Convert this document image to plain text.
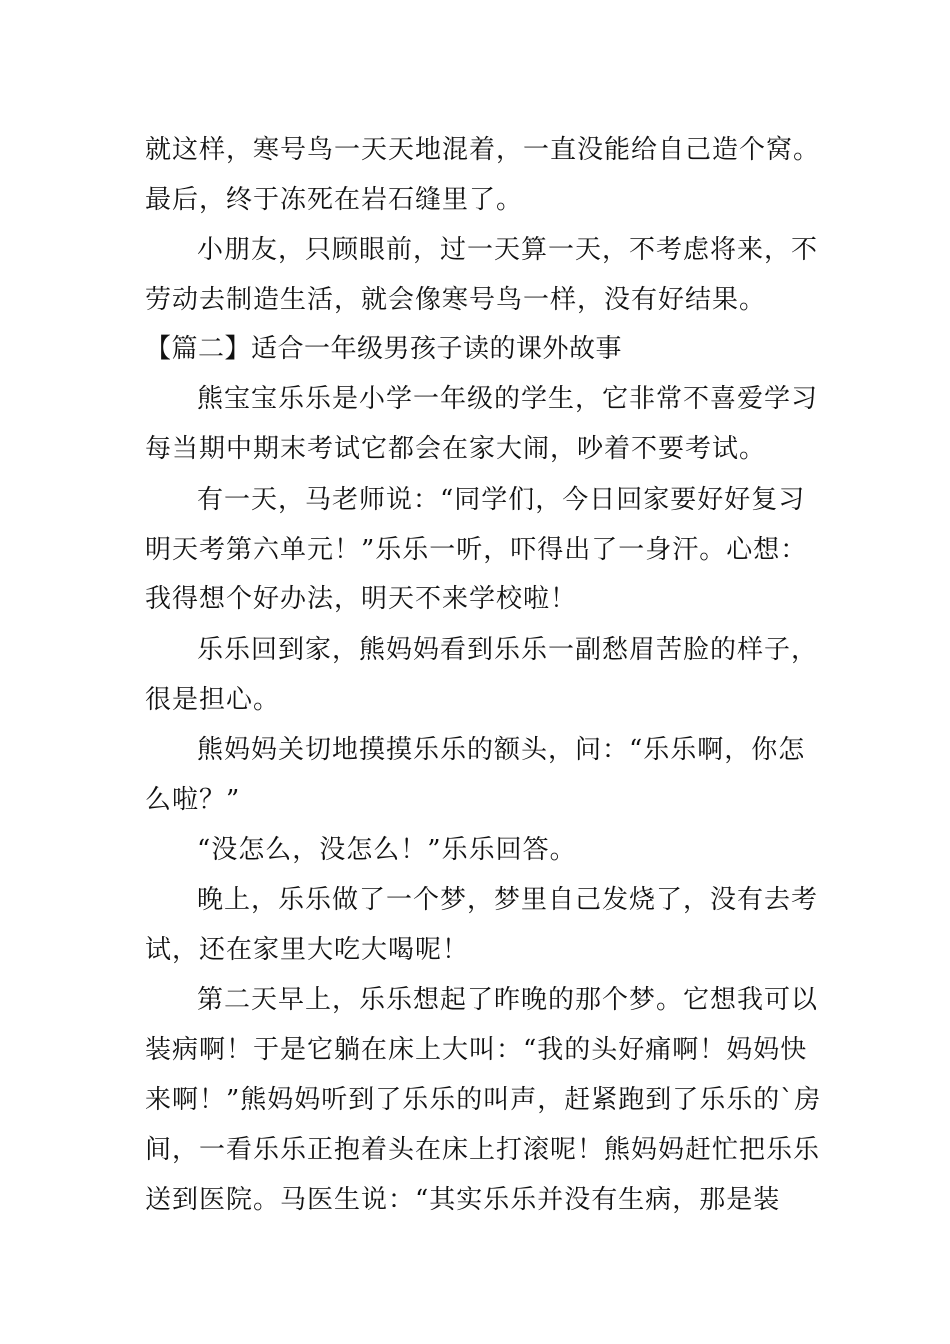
就这样，寒号鸟一天天地混着，一直没能给自己造个窝。
最后，终于冻死在岩石缝里了。
小朋友，只顾眼前，过一天算一天，不考虑将来，不
劳动去制造生活，就会像寒号鸟一样，没有好结果。
【篇二】适合一年级男孩子读的课外故事
熊宝宝乐乐是小学一年级的学生，它非常不喜爱学习
每当期中期末考试它都会在家大闹，吵着不要考试。
有一天，马老师说：“同学们，今日回家要好好复习
明天考第六单元！”乐乐一听，吓得出了一身汗。心想：
我得想个好办法，明天不来学校啦！
乐乐回到家，熊妈妈看到乐乐一副愁眉苦脸的样子，
很是担心。
熊妈妈关切地摸摸乐乐的额头，问：“乐乐啊，你怎
么啦？”
“没怎么，没怎么！”乐乐回答。
晚上，乐乐做了一个梦，梦里自己发烧了，没有去考
试，还在家里大吃大喝呢！
第二天早上，乐乐想起了昨晚的那个梦。它想我可以
装病啊！于是它躺在床上大叫：“我的头好痛啊！妈妈快
来啊！”熊妈妈听到了乐乐的叫声，赶紧跑到了乐乐的`房
间，一看乐乐正抱着头在床上打滚呢！熊妈妈赶忙把乐乐
送到医院。马医生说：“其实乐乐并没有生病，那是装
